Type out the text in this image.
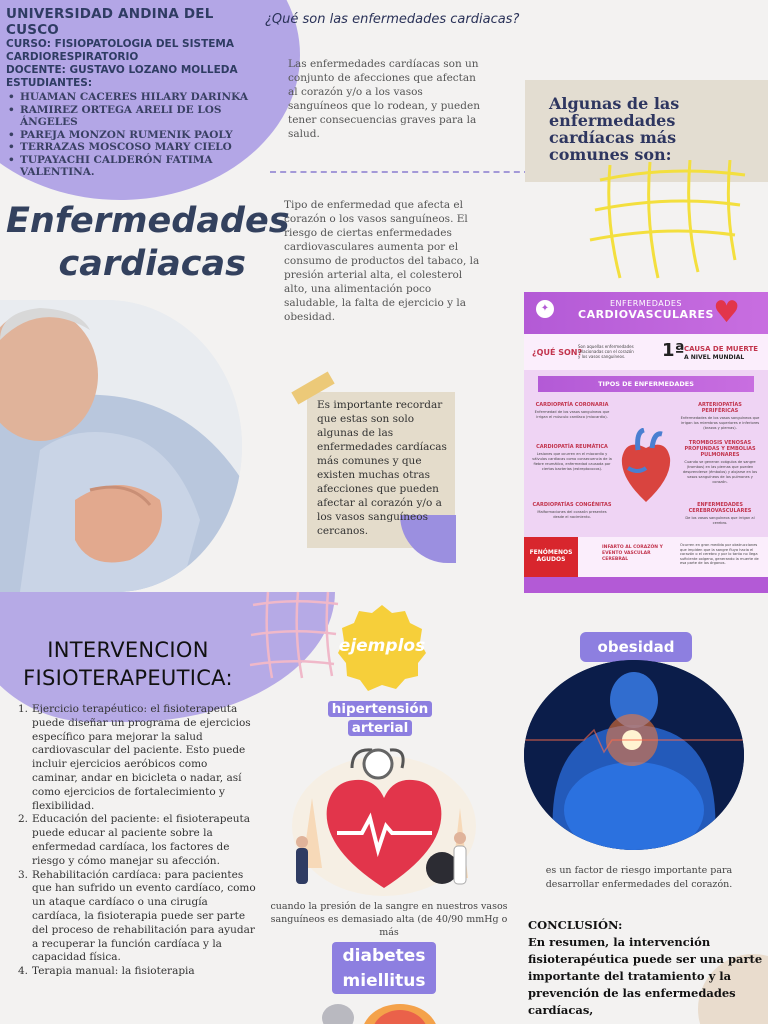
UNIVERSIDAD ANDINA DEL CUSCO
CURSO: FISIOPATOLOGIA DEL SISTEMA CARDIORESPIRATORIO
DOCENTE: GUSTAVO LOZANO MOLLEDA
ESTUDIANTES:
• HUAMAN CACERES HILARY DARINKA
• RAMIREZ ORTEGA ARELI DE LOS ÁNGELES
• PAREJA MONZON RUMENIK PAOLY
• TERRAZAS MOSCOSO MARY CIELO
• TUPAYACHI CALDERÓN FATIMA VALENTINA.
¿Qué son las enfermedades cardiacas?
Las enfermedades cardíacas son un conjunto de afecciones que afectan al corazón y/o a los vasos sanguíneos que lo rodean, y pueden tener consecuencias graves para la salud.
Tipo de enfermedad que afecta el corazón o los vasos sanguíneos. El riesgo de ciertas enfermedades cardiovasculares aumenta por el consumo de productos del tabaco, la presión arterial alta, el colesterol alto, una alimentación poco saludable, la falta de ejercicio y la obesidad.
Enfermedades
cardiacas
Es importante recordar que estas son solo algunas de las enfermedades cardíacas más comunes y que existen muchas otras afecciones que pueden afectar al corazón y/o a los vasos sanguíneos cercanos.
Algunas de las enfermedades cardíacas más comunes son:
✦	ENFERMEDADES
CARDIOVASCULARES ♥
¿QUÉ SON?
Son aquellas enfermedades relacionadas con el corazón y los vasos sanguíneos.	1ª CAUSA DE MUERTE
A NIVEL MUNDIAL
TIPOS DE ENFERMEDADES
CARDIOPATÍA CORONARIA
Enfermedad de los vasos sanguíneos que irrigan el músculo cardíaco (miocardio).
ARTERIOPATÍAS PERIFÉRICAS
Enfermedades de los vasos sanguíneos que irrigan los miembros superiores e inferiores (brazos y piernas).
CARDIOPATÍA REUMÁTICA
Lesiones que ocurren en el miocardio y válvulas cardíacas como consecuencia de la fiebre reumática, enfermedad causada por ciertas bacterias (estreptococos).
TROMBOSIS VENOSAS PROFUNDAS Y EMBOLIAS PULMONARES
Cuando se generan coágulos de sangre (trombos) en las piernas que pueden desprenderse (émbolos) y alojarse en los vasos sanguíneos de los pulmones y corazón.
CARDIOPATÍAS CONGÉNITAS
Malformaciones del corazón presentes desde el nacimiento.
ENFERMEDADES CEREBROVASCULARES
De los vasos sanguíneos que irrigan al cerebro.
FENÓMENOS AGUDOS
INFARTO AL CORAZÓN Y EVENTO VASCULAR CEREBRAL
Ocurren en gran medida por obstrucciones que impiden que la sangre fluya hacia el corazón o el cerebro y por lo tanto no llega suficiente oxígeno, generando la muerte de esa parte de los órganos.
INTERVENCION
FISIOTERAPEUTICA:
1. Ejercicio terapéutico: el fisioterapeuta puede diseñar un programa de ejercicios específico para mejorar la salud cardiovascular del paciente. Esto puede incluir ejercicios aeróbicos como caminar, andar en bicicleta o nadar, así como ejercicios de fortalecimiento y flexibilidad.
2. Educación del paciente: el fisioterapeuta puede educar al paciente sobre la enfermedad cardíaca, los factores de riesgo y cómo manejar su afección.
3. Rehabilitación cardíaca: para pacientes que han sufrido un evento cardíaco, como un ataque cardíaco o una cirugía cardíaca, la fisioterapia puede ser parte del proceso de rehabilitación para ayudar a recuperar la función cardíaca y la capacidad física.
4. Terapia manual: la fisioterapia
ejemplos
hipertensión
arterial
cuando la presión de la sangre en nuestros vasos sanguíneos es demasiado alta (de 40/90 mmHg o más
diabetes
miellitus
obesidad
es un factor de riesgo importante para desarrollar enfermedades del corazón.
CONCLUSIÓN:
En resumen, la intervención fisioterapéutica puede ser una parte importante del tratamiento y la prevención de las enfermedades cardíacas,
